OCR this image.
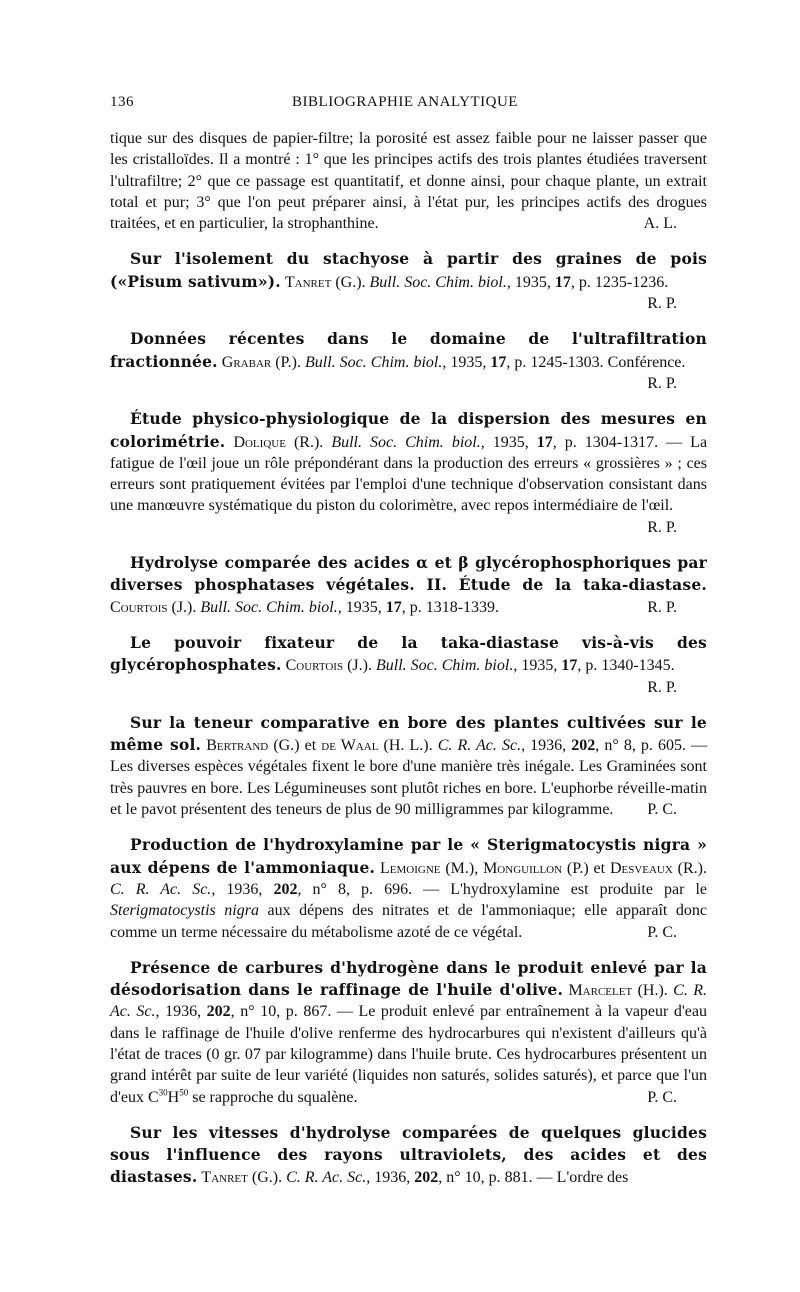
136	BIBLIOGRAPHIE ANALYTIQUE

tique sur des disques de papier-filtre; la porosité est assez faible pour ne laisser passer que les cristalloïdes. Il a montré : 1° que les principes actifs des trois plantes étudiées traversent l'ultrafiltre; 2° que ce passage est quantitatif, et donne ainsi, pour chaque plante, un extrait total et pur; 3° que l'on peut préparer ainsi, à l'état pur, les principes actifs des drogues traitées, et en particulier, la strophanthine.	A. L.

Sur l'isolement du stachyose à partir des graines de pois («Pisum sativum»). Tanret (G.). Bull. Soc. Chim. biol., 1935, 17, p. 1235-1236.
R. P.

Données récentes dans le domaine de l'ultrafiltration fractionnée. Grabar (P.). Bull. Soc. Chim. biol., 1935, 17, p. 1245-1303. Conférence.
R. P.

Étude physico-physiologique de la dispersion des mesures en colorimétrie. Dolique (R.). Bull. Soc. Chim. biol., 1935, 17, p. 1304-1317. — La fatigue de l'œil joue un rôle prépondérant dans la production des erreurs « grossières » ; ces erreurs sont pratiquement évitées par l'emploi d'une technique d'observation consistant dans une manœuvre systématique du piston du colorimètre, avec repos intermédiaire de l'œil.
R. P.

Hydrolyse comparée des acides α et β glycérophosphoriques par diverses phosphatases végétales. II. Étude de la taka-diastase. Courtois (J.). Bull. Soc. Chim. biol., 1935, 17, p. 1318-1339.	R. P.

Le pouvoir fixateur de la taka-diastase vis-à-vis des glycérophosphates. Courtois (J.). Bull. Soc. Chim. biol., 1935, 17, p. 1340-1345.
R. P.

Sur la teneur comparative en bore des plantes cultivées sur le même sol. Bertrand (G.) et de Waal (H. L.). C. R. Ac. Sc., 1936, 202, n° 8, p. 605. — Les diverses espèces végétales fixent le bore d'une manière très inégale. Les Graminées sont très pauvres en bore. Les Légumineuses sont plutôt riches en bore. L'euphorbe réveille-matin et le pavot présentent des teneurs de plus de 90 milligrammes par kilogramme.	P. C.

Production de l'hydroxylamine par le « Sterigmatocystis nigra » aux dépens de l'ammoniaque. Lemoigne (M.), Monguillon (P.) et Desveaux (R.). C. R. Ac. Sc., 1936, 202, n° 8, p. 696. — L'hydroxylamine est produite par le Sterigmatocystis nigra aux dépens des nitrates et de l'ammoniaque; elle apparaît donc comme un terme nécessaire du métabolisme azoté de ce végétal.	P. C.

Présence de carbures d'hydrogène dans le produit enlevé par la désodorisation dans le raffinage de l'huile d'olive. Marcelet (H.). C. R. Ac. Sc., 1936, 202, n° 10, p. 867. — Le produit enlevé par entraînement à la vapeur d'eau dans le raffinage de l'huile d'olive renferme des hydrocarbures qui n'existent d'ailleurs qu'à l'état de traces (0 gr. 07 par kilogramme) dans l'huile brute. Ces hydrocarbures présentent un grand intérêt par suite de leur variété (liquides non saturés, solides saturés), et parce que l'un d'eux $C^{30}H^{50}$ se rapproche du squalène.	P. C.

Sur les vitesses d'hydrolyse comparées de quelques glucides sous l'influence des rayons ultraviolets, des acides et des diastases. Tanret (G.). C. R. Ac. Sc., 1936, 202, n° 10, p. 881. — L'ordre des
